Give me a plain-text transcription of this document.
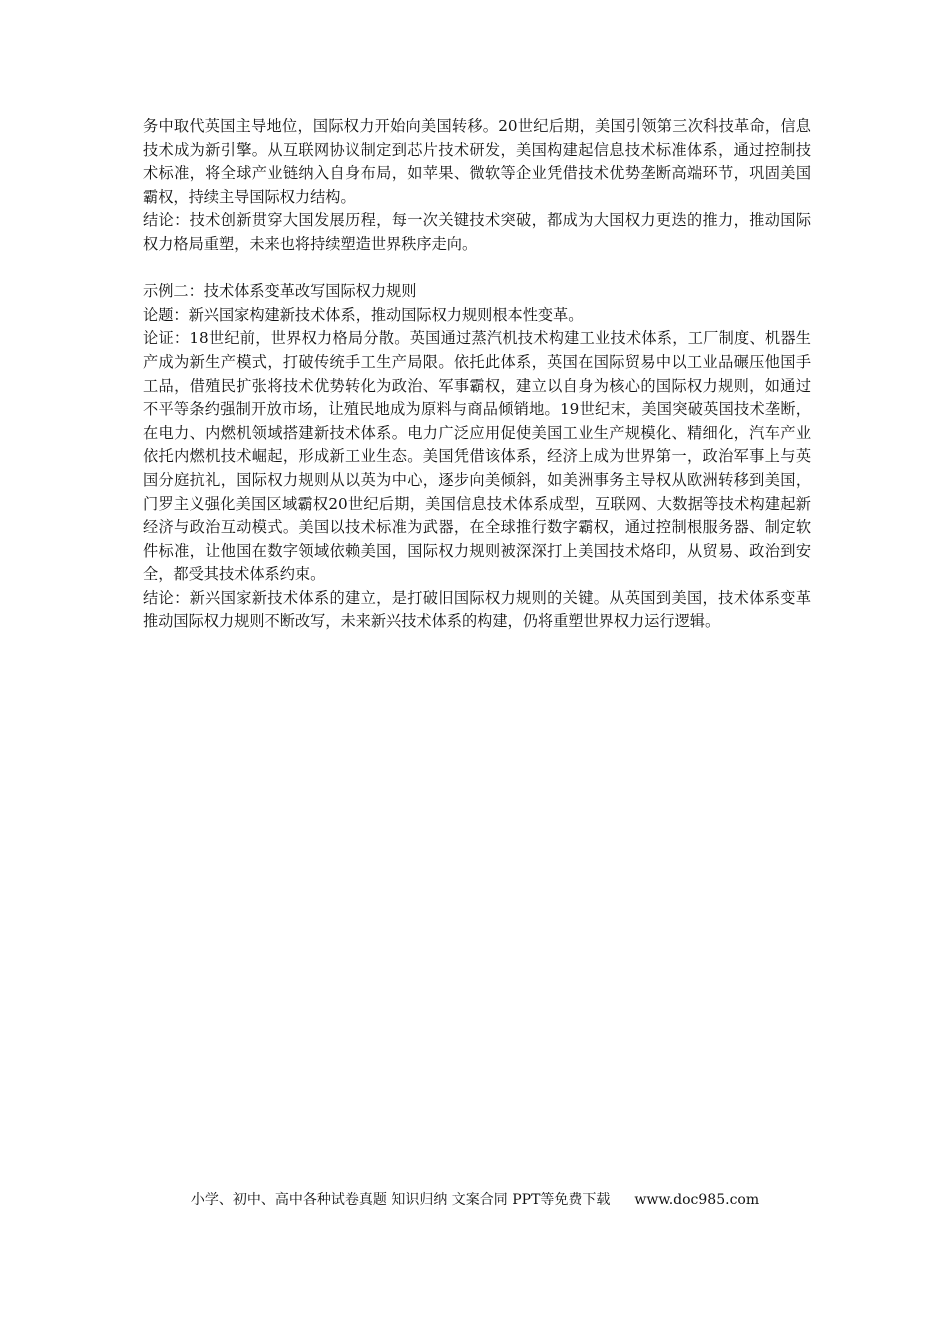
务中取代英国主导地位，国际权力开始向美国转移。20世纪后期，美国引领第三次科技革命，信息技术成为新引擎。从互联网协议制定到芯片技术研发，美国构建起信息技术标准体系，通过控制技术标准，将全球产业链纳入自身布局，如苹果、微软等企业凭借技术优势垄断高端环节，巩固美国霸权，持续主导国际权力结构。

结论：技术创新贯穿大国发展历程，每一次关键技术突破，都成为大国权力更迭的推力，推动国际权力格局重塑，未来也将持续塑造世界秩序走向。

示例二：技术体系变革改写国际权力规则

论题：新兴国家构建新技术体系，推动国际权力规则根本性变革。

论证：18世纪前，世界权力格局分散。英国通过蒸汽机技术构建工业技术体系，工厂制度、机器生产成为新生产模式，打破传统手工生产局限。依托此体系，英国在国际贸易中以工业品碾压他国手工品，借殖民扩张将技术优势转化为政治、军事霸权，建立以自身为核心的国际权力规则，如通过不平等条约强制开放市场，让殖民地成为原料与商品倾销地。19世纪末，美国突破英国技术垄断，在电力、内燃机领域搭建新技术体系。电力广泛应用促使美国工业生产规模化、精细化，汽车产业依托内燃机技术崛起，形成新工业生态。美国凭借该体系，经济上成为世界第一，政治军事上与英国分庭抗礼，国际权力规则从以英为中心，逐步向美倾斜，如美洲事务主导权从欧洲转移到美国，门罗主义强化美国区域霸权20世纪后期，美国信息技术体系成型，互联网、大数据等技术构建起新经济与政治互动模式。美国以技术标准为武器，在全球推行数字霸权，通过控制根服务器、制定软件标准，让他国在数字领域依赖美国，国际权力规则被深深打上美国技术烙印，从贸易、政治到安全，都受其技术体系约束。

结论：新兴国家新技术体系的建立，是打破旧国际权力规则的关键。从英国到美国，技术体系变革推动国际权力规则不断改写，未来新兴技术体系的构建，仍将重塑世界权力运行逻辑。

小学、初中、高中各种试卷真题 知识归纳 文案合同 PPT等免费下载 www.doc985.com
